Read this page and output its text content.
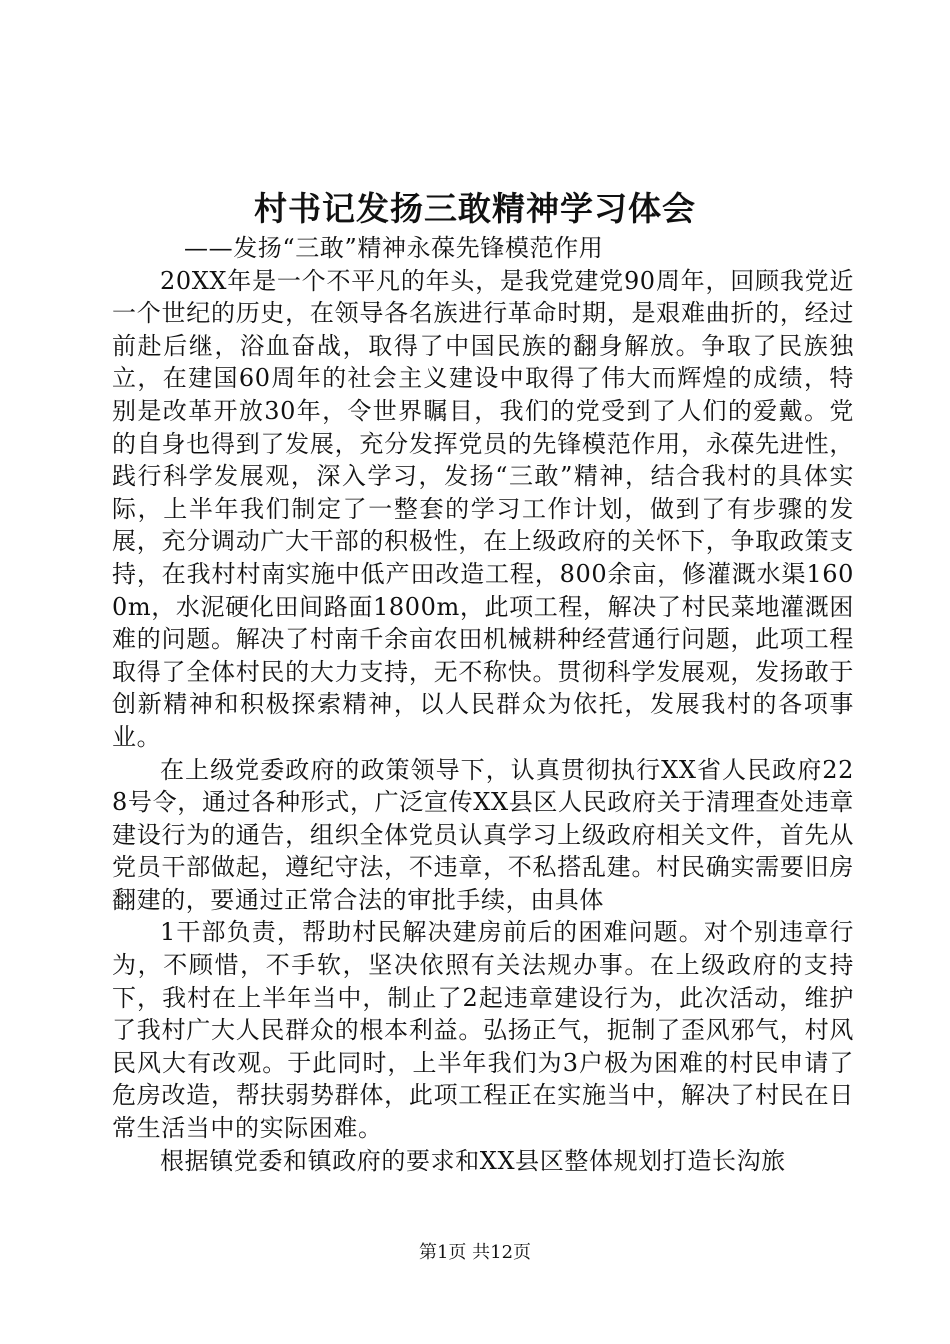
村书记发扬三敢精神学习体会

——发扬“三敢”精神永葆先锋模范作用

20XX年是一个不平凡的年头，是我党建党90周年，回顾我党近一个世纪的历史，在领导各名族进行革命时期，是艰难曲折的，经过前赴后继，浴血奋战，取得了中国民族的翻身解放。争取了民族独立，在建国60周年的社会主义建设中取得了伟大而辉煌的成绩，特别是改革开放30年，令世界瞩目，我们的党受到了人们的爱戴。党的自身也得到了发展，充分发挥党员的先锋模范作用，永葆先进性，践行科学发展观，深入学习，发扬“三敢”精神，结合我村的具体实际，上半年我们制定了一整套的学习工作计划，做到了有步骤的发展，充分调动广大干部的积极性，在上级政府的关怀下，争取政策支持，在我村村南实施中低产田改造工程，800余亩，修灌溉水渠1600m，水泥硬化田间路面1800m，此项工程，解决了村民菜地灌溉困难的问题。解决了村南千余亩农田机械耕种经营通行问题，此项工程取得了全体村民的大力支持，无不称快。贯彻科学发展观，发扬敢于创新精神和积极探索精神，以人民群众为依托，发展我村的各项事业。

在上级党委政府的政策领导下，认真贯彻执行XX省人民政府228号令，通过各种形式，广泛宣传XX县区人民政府关于清理查处违章建设行为的通告，组织全体党员认真学习上级政府相关文件，首先从党员干部做起，遵纪守法，不违章，不私搭乱建。村民确实需要旧房翻建的，要通过正常合法的审批手续，由具体

1干部负责，帮助村民解决建房前后的困难问题。对个别违章行为，不顾惜，不手软，坚决依照有关法规办事。在上级政府的支持下，我村在上半年当中，制止了2起违章建设行为，此次活动，维护了我村广大人民群众的根本利益。弘扬正气，扼制了歪风邪气，村风民风大有改观。于此同时，上半年我们为3户极为困难的村民申请了危房改造，帮扶弱势群体，此项工程正在实施当中，解决了村民在日常生活当中的实际困难。

根据镇党委和镇政府的要求和XX县区整体规划打造长沟旅

第1页 共12页
